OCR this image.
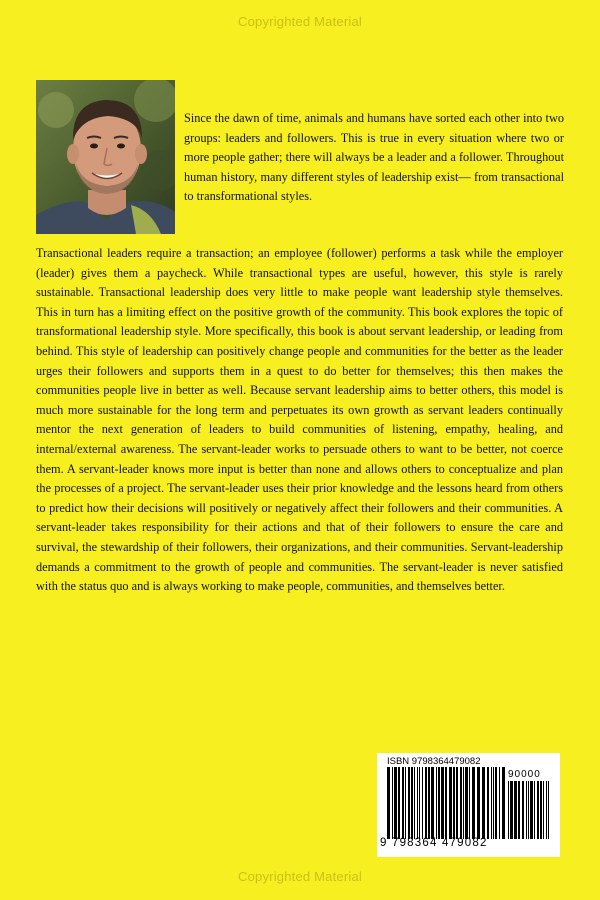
Copyrighted Material
Since the dawn of time, animals and humans have sorted each other into two groups: leaders and followers. This is true in every situation where two or more people gather; there will always be a leader and a follower. Throughout human history, many different styles of leadership exist— from transactional to transformational styles.
Transactional leaders require a transaction; an employee (follower) performs a task while the employer (leader) gives them a paycheck. While transactional types are useful, however, this style is rarely sustainable. Transactional leadership does very little to make people want leadership style themselves. This in turn has a limiting effect on the positive growth of the community. This book explores the topic of transformational leadership style. More specifically, this book is about servant leadership, or leading from behind. This style of leadership can positively change people and communities for the better as the leader urges their followers and supports them in a quest to do better for themselves; this then makes the communities people live in better as well. Because servant leadership aims to better others, this model is much more sustainable for the long term and perpetuates its own growth as servant leaders continually mentor the next generation of leaders to build communities of listening, empathy, healing, and internal/external awareness. The servant-leader works to persuade others to want to be better, not coerce them. A servant-leader knows more input is better than none and allows others to conceptualize and plan the processes of a project. The servant-leader uses their prior knowledge and the lessons heard from others to predict how their decisions will positively or negatively affect their followers and their communities. A servant-leader takes responsibility for their actions and that of their followers to ensure the care and survival, the stewardship of their followers, their organizations, and their communities. Servant-leadership demands a commitment to the growth of people and communities. The servant-leader is never satisfied with the status quo and is always working to make people, communities, and themselves better.
ISBN 9798364479082
90000
9 798364 479082
Copyrighted Material
